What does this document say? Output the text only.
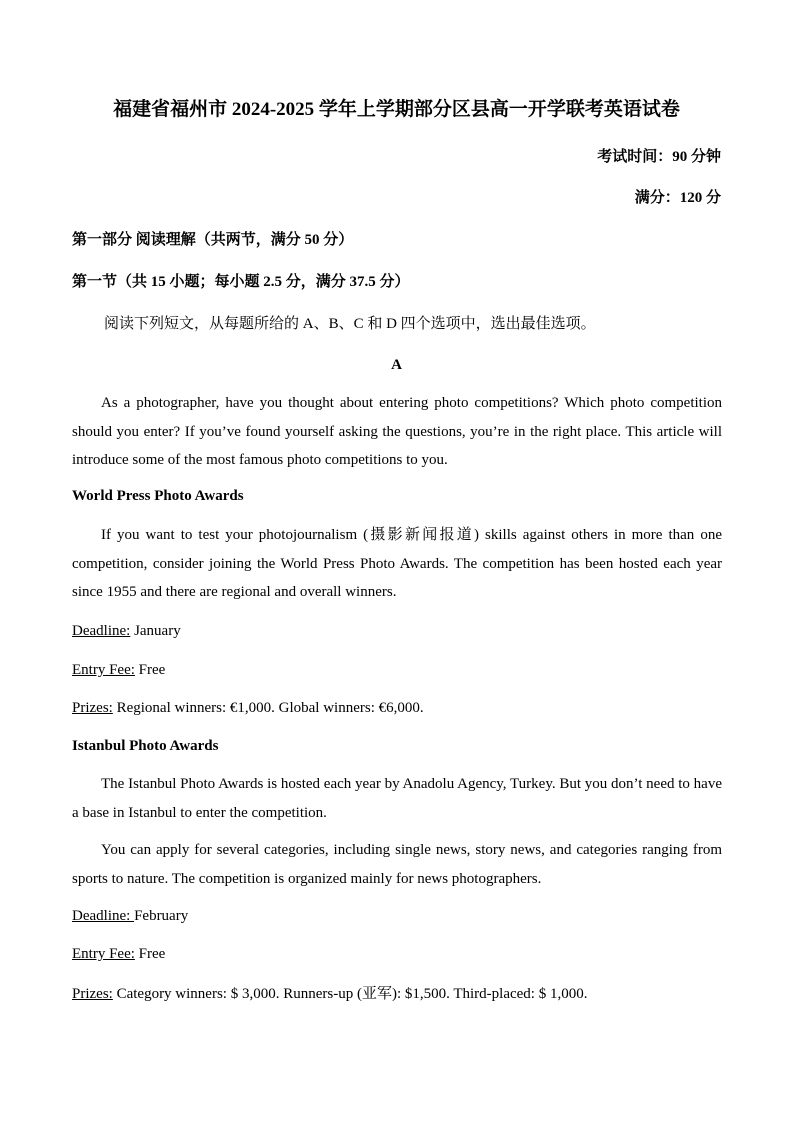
福建省福州市 2024-2025 学年上学期部分区县高一开学联考英语试卷
考试时间：90 分钟
满分：120 分
第一部分 阅读理解（共两节，满分 50 分）
第一节（共 15 小题；每小题 2.5 分，满分 37.5 分）
阅读下列短文，从每题所给的 A、B、C 和 D 四个选项中，选出最佳选项。
A
As a photographer, have you thought about entering photo competitions? Which photo competition should you enter? If you’ve found yourself asking the questions, you’re in the right place. This article will introduce some of the most famous photo competitions to you.
World Press Photo Awards
If you want to test your photojournalism (摄影新闻报道) skills against others in more than one competition, consider joining the World Press Photo Awards. The competition has been hosted each year since 1955 and there are regional and overall winners.
Deadline: January
Entry Fee: Free
Prizes: Regional winners: €1,000. Global winners: €6,000.
Istanbul Photo Awards
The Istanbul Photo Awards is hosted each year by Anadolu Agency, Turkey. But you don’t need to have a base in Istanbul to enter the competition.
You can apply for several categories, including single news, story news, and categories ranging from sports to nature. The competition is organized mainly for news photographers.
Deadline: February
Entry Fee: Free
Prizes: Category winners: $ 3,000. Runners-up (亚军): $1,500. Third-placed: $ 1,000.
